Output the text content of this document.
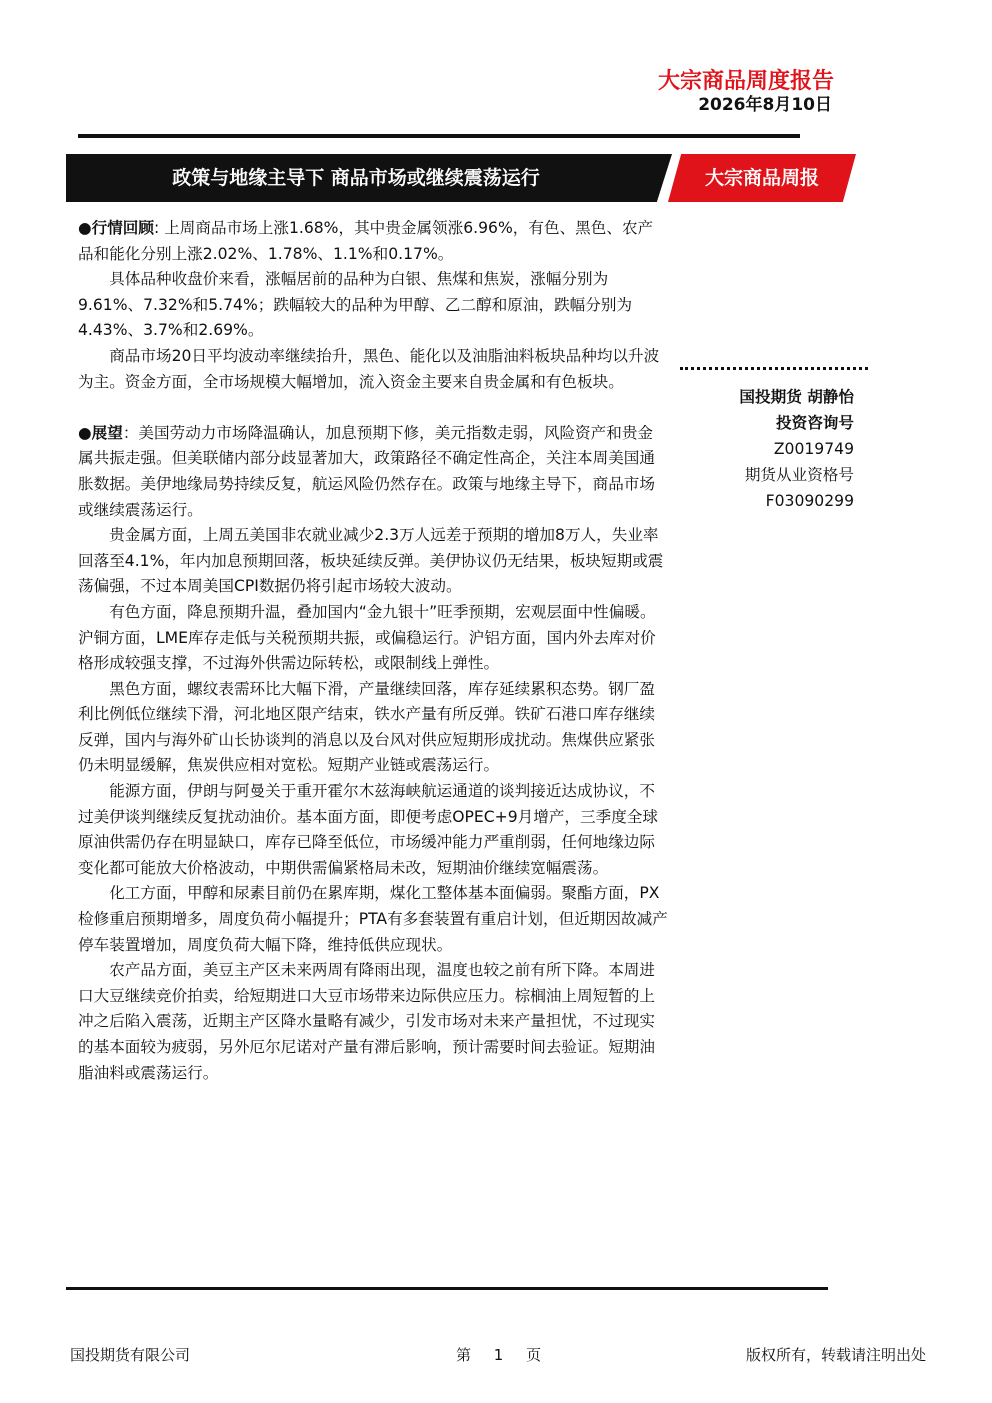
大宗商品周度报告
2026年8月10日
政策与地缘主导下 商品市场或继续震荡运行	大宗商品周报

●行情回顾: 上周商品市场上涨1.68%，其中贵金属领涨6.96%，有色、黑色、农产品和能化分别上涨2.02%、1.78%、1.1%和0.17%。

具体品种收盘价来看，涨幅居前的品种为白银、焦煤和焦炭，涨幅分别为9.61%、7.32%和5.74%；跌幅较大的品种为甲醇、乙二醇和原油，跌幅分别为4.43%、3.7%和2.69%。

商品市场20日平均波动率继续抬升，黑色、能化以及油脂油料板块品种均以升波为主。资金方面，全市场规模大幅增加，流入资金主要来自贵金属和有色板块。

●展望：美国劳动力市场降温确认，加息预期下修，美元指数走弱，风险资产和贵金属共振走强。但美联储内部分歧显著加大，政策路径不确定性高企，关注本周美国通胀数据。美伊地缘局势持续反复，航运风险仍然存在。政策与地缘主导下，商品市场或继续震荡运行。

贵金属方面，上周五美国非农就业减少2.3万人远差于预期的增加8万人，失业率回落至4.1%，年内加息预期回落，板块延续反弹。美伊协议仍无结果，板块短期或震荡偏强，不过本周美国CPI数据仍将引起市场较大波动。

有色方面，降息预期升温，叠加国内“金九银十”旺季预期，宏观层面中性偏暖。沪铜方面，LME库存走低与关税预期共振，或偏稳运行。沪铝方面，国内外去库对价格形成较强支撑，不过海外供需边际转松，或限制线上弹性。

黑色方面，螺纹表需环比大幅下滑，产量继续回落，库存延续累积态势。钢厂盈利比例低位继续下滑，河北地区限产结束，铁水产量有所反弹。铁矿石港口库存继续反弹，国内与海外矿山长协谈判的消息以及台风对供应短期形成扰动。焦煤供应紧张仍未明显缓解，焦炭供应相对宽松。短期产业链或震荡运行。

能源方面，伊朗与阿曼关于重开霍尔木兹海峡航运通道的谈判接近达成协议，不过美伊谈判继续反复扰动油价。基本面方面，即便考虑OPEC+9月增产，三季度全球原油供需仍存在明显缺口，库存已降至低位，市场缓冲能力严重削弱，任何地缘边际变化都可能放大价格波动，中期供需偏紧格局未改，短期油价继续宽幅震荡。

化工方面，甲醇和尿素目前仍在累库期，煤化工整体基本面偏弱。聚酯方面，PX检修重启预期增多，周度负荷小幅提升；PTA有多套装置有重启计划，但近期因故减产停车装置增加，周度负荷大幅下降，维持低供应现状。

农产品方面，美豆主产区未来两周有降雨出现，温度也较之前有所下降。本周进口大豆继续竞价拍卖，给短期进口大豆市场带来边际供应压力。棕榈油上周短暂的上冲之后陷入震荡，近期主产区降水量略有减少，引发市场对未来产量担忧，不过现实的基本面较为疲弱，另外厄尔尼诺对产量有滞后影响，预计需要时间去验证。短期油脂油料或震荡运行。

国投期货 胡静怡
投资咨询号
Z0019749
期货从业资格号
F03090299
国投期货有限公司	第 1 页	版权所有，转载请注明出处
